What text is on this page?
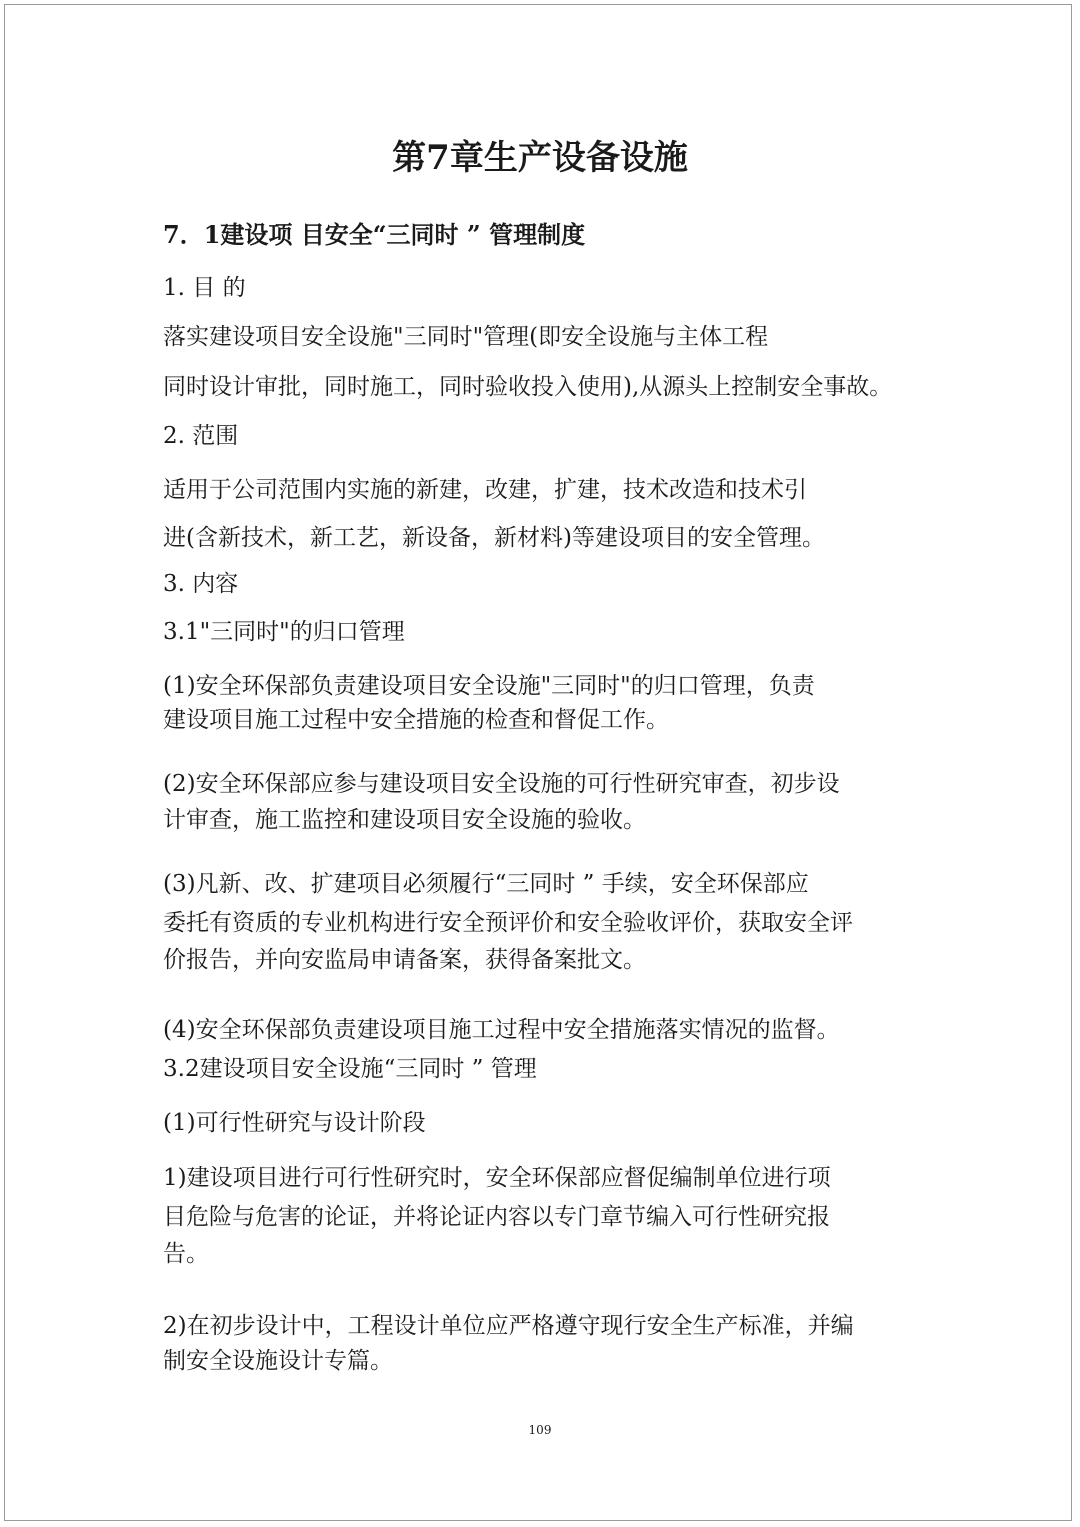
第7章生产设备设施
7．1建设项 目安全“三同时 ” 管理制度
1. 目 的
落实建设项目安全设施"三同时"管理(即安全设施与主体工程
同时设计审批，同时施工，同时验收投入使用),从源头上控制安全事故。
2. 范围
适用于公司范围内实施的新建，改建，扩建，技术改造和技术引
进(含新技术，新工艺，新设备，新材料)等建设项目的安全管理。
3. 内容
3.1"三同时"的归口管理
(1)安全环保部负责建设项目安全设施"三同时"的归口管理，负责
建设项目施工过程中安全措施的检查和督促工作。
(2)安全环保部应参与建设项目安全设施的可行性研究审查，初步设
计审查，施工监控和建设项目安全设施的验收。
(3)凡新、改、扩建项目必须履行“三同时 ” 手续，安全环保部应
委托有资质的专业机构进行安全预评价和安全验收评价，获取安全评
价报告，并向安监局申请备案，获得备案批文。
(4)安全环保部负责建设项目施工过程中安全措施落实情况的监督。
3.2建设项目安全设施“三同时 ” 管理
(1)可行性研究与设计阶段
1)建设项目进行可行性研究时，安全环保部应督促编制单位进行项
目危险与危害的论证，并将论证内容以专门章节编入可行性研究报
告。
2)在初步设计中，工程设计单位应严格遵守现行安全生产标准，并编
制安全设施设计专篇。
109
